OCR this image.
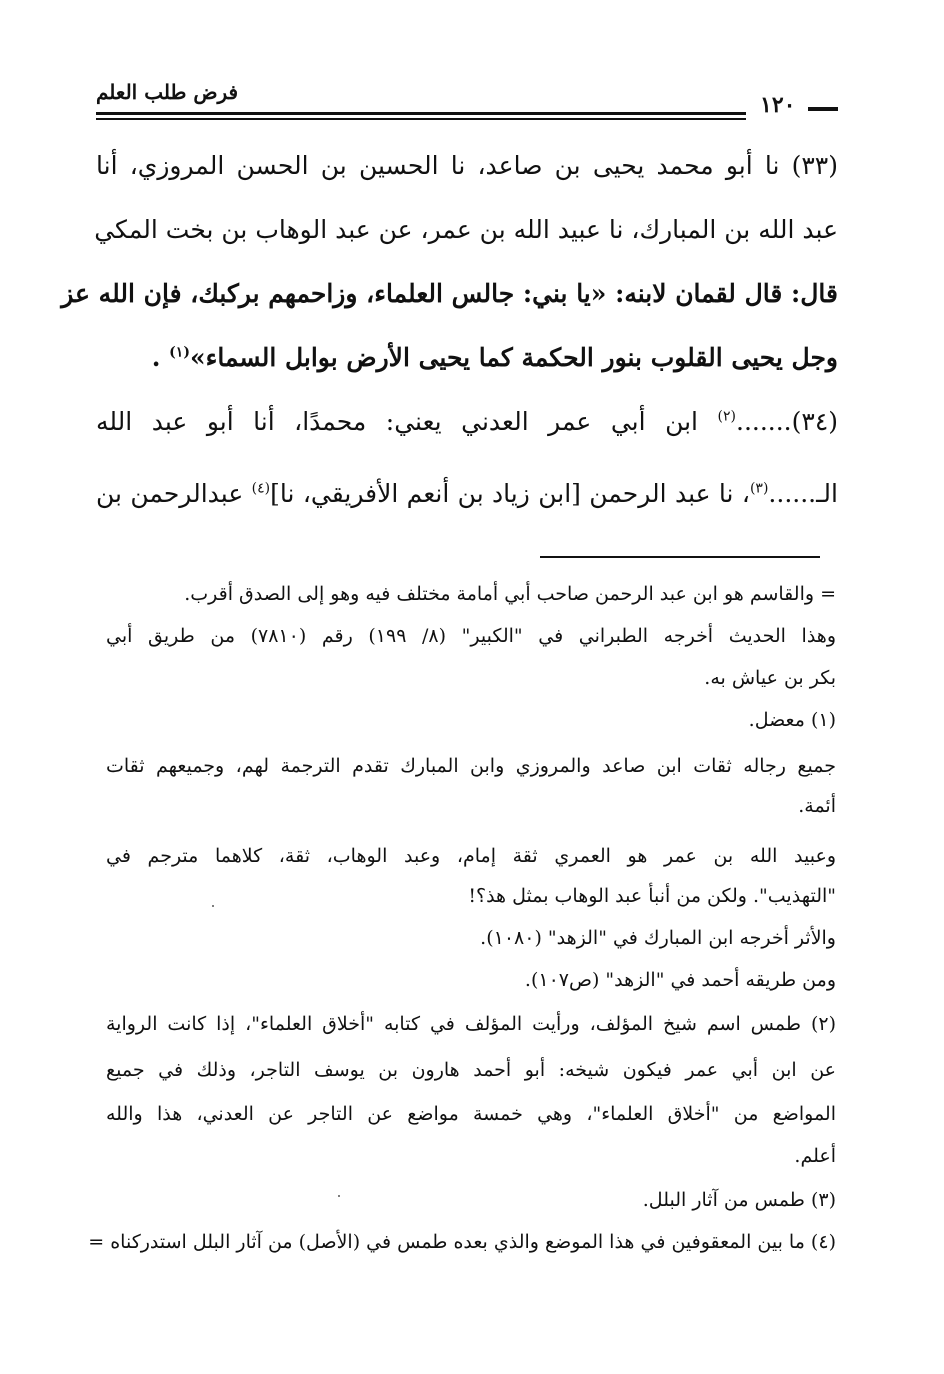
فرض طلب العلم	١٢٠
(٣٣) نا أبو محمد يحيى بن صاعد، نا الحسين بن الحسن المروزي، أنا
عبد الله بن المبارك، نا عبيد الله بن عمر، عن عبد الوهاب بن بخت المكي
قال: قال لقمان لابنه: «يا بني: جالس العلماء، وزاحمهم بركبك، فإن الله عز
وجل يحيى القلوب بنور الحكمة كما يحيى الأرض بوابل السماء»$^{(١)}$ .
(٣٤).......$^{(٢)}$ ابن أبي عمر العدني يعني: محمدًا، أنا أبو عبد الله
الـ......$^{(٣)}$، نا عبد الرحمن [ابن زياد بن أنعم الأفريقي، نا]$^{(٤)}$ عبدالرحمن بن
= والقاسم هو ابن عبد الرحمن صاحب أبي أمامة مختلف فيه وهو إلى الصدق أقرب.
وهذا الحديث أخرجه الطبراني في "الكبير" (٨/ ١٩٩) رقم (٧٨١٠) من طريق أبي
بكر بن عياش به.
(١) معضل.
جميع رجاله ثقات ابن صاعد والمروزي وابن المبارك تقدم الترجمة لهم، وجميعهم ثقات
أئمة.
وعبيد الله بن عمر هو العمري ثقة إمام، وعبد الوهاب، ثقة، كلاهما مترجم في
"التهذيب". ولكن من أنبأ عبد الوهاب بمثل هذ؟!
والأثر أخرجه ابن المبارك في "الزهد" (١٠٨٠).
ومن طريقه أحمد في "الزهد" (ص١٠٧).
(٢) طمس اسم شيخ المؤلف، ورأيت المؤلف في كتابه "أخلاق العلماء"، إذا كانت الرواية
عن ابن أبي عمر فيكون شيخه: أبو أحمد هارون بن يوسف التاجر، وذلك في جميع
المواضع من "أخلاق العلماء"، وهي خمسة مواضع عن التاجر عن العدني، هذا والله
أعلم.
(٣) طمس من آثار البلل.
(٤) ما بين المعقوفين في هذا الموضع والذي بعده طمس في (الأصل) من آثار البلل استدركناه =
